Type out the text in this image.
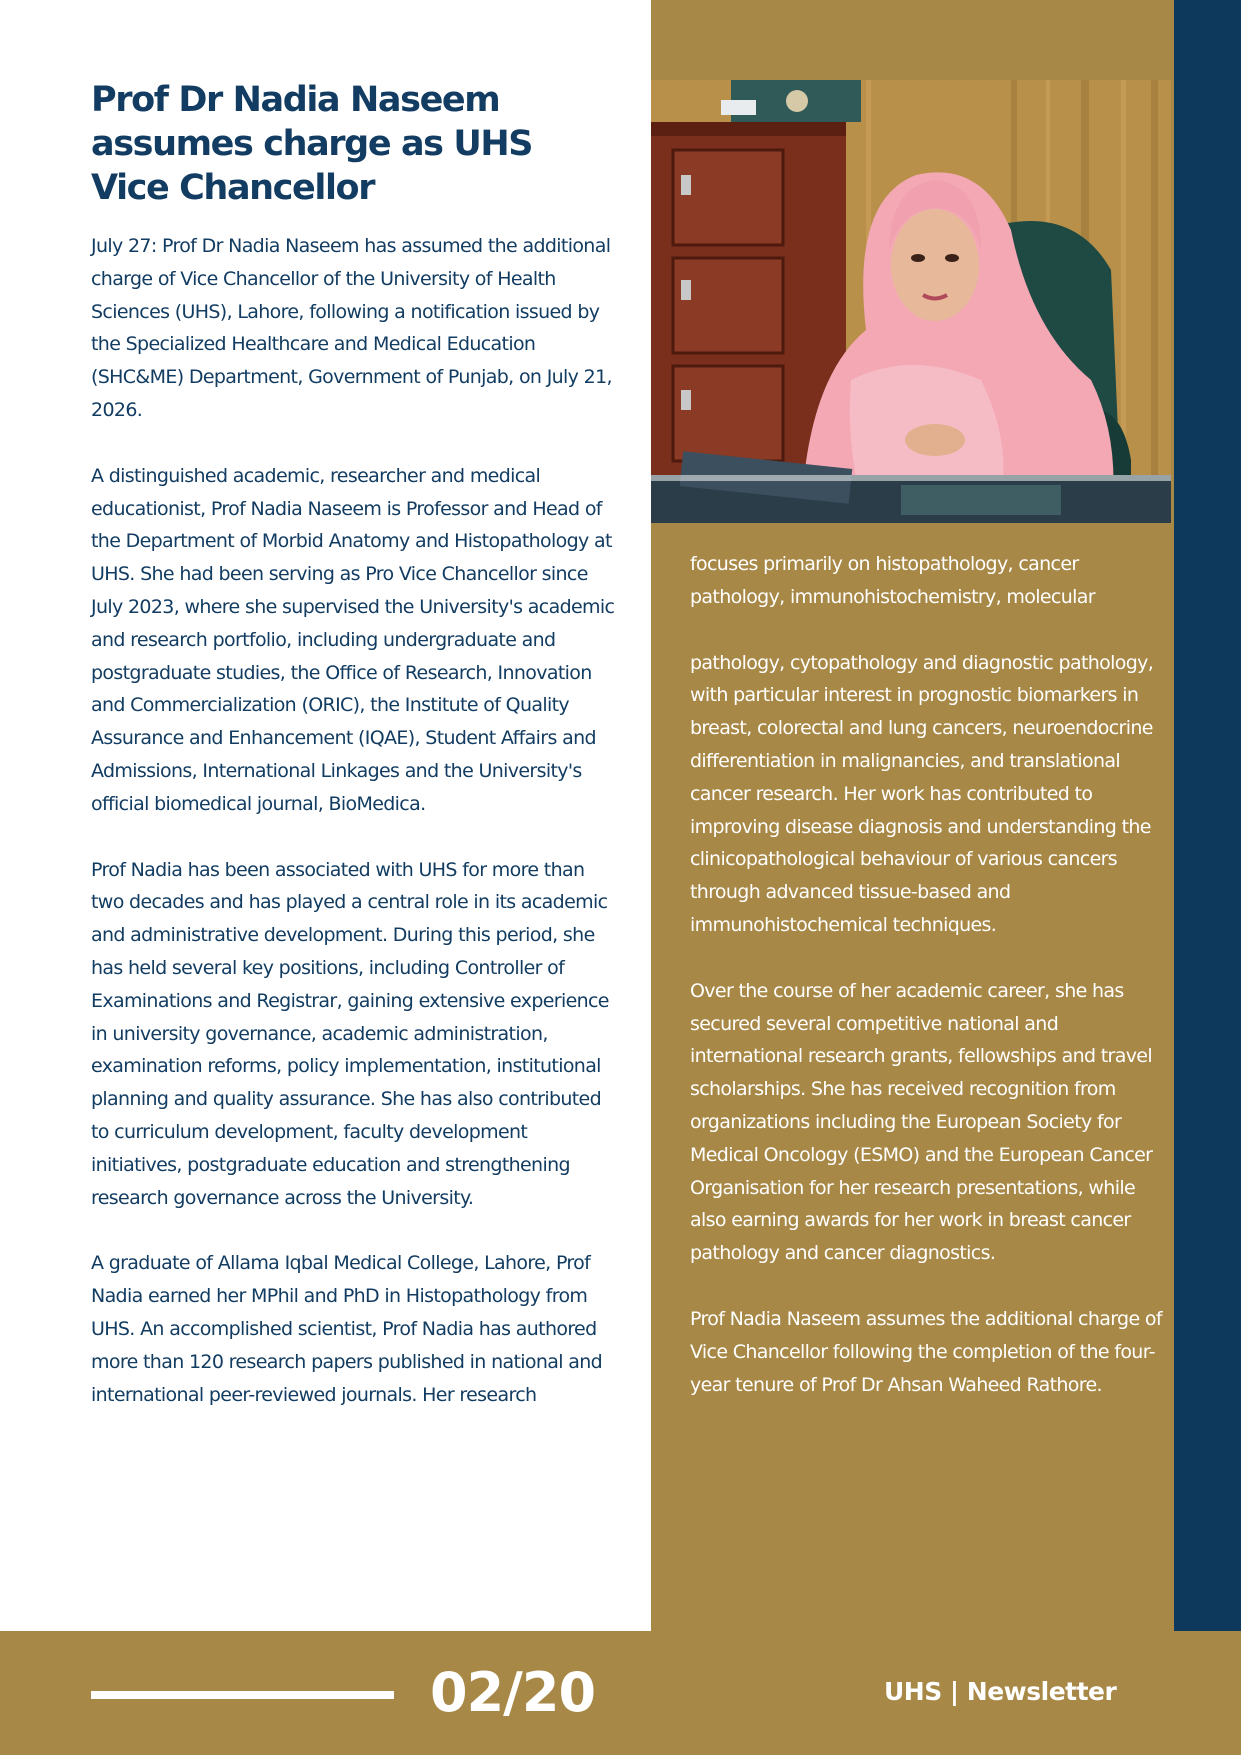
Prof Dr Nadia Naseem assumes charge as UHS Vice Chancellor

July 27: Prof Dr Nadia Naseem has assumed the additional charge of Vice Chancellor of the University of Health Sciences (UHS), Lahore, following a notification issued by the Specialized Healthcare and Medical Education (SHC&ME) Department, Government of Punjab, on July 21, 2026.

A distinguished academic, researcher and medical educationist, Prof Nadia Naseem is Professor and Head of the Department of Morbid Anatomy and Histopathology at UHS. She had been serving as Pro Vice Chancellor since July 2023, where she supervised the University's academic and research portfolio, including undergraduate and postgraduate studies, the Office of Research, Innovation and Commercialization (ORIC), the Institute of Quality Assurance and Enhancement (IQAE), Student Affairs and Admissions, International Linkages and the University's official biomedical journal, BioMedica.

Prof Nadia has been associated with UHS for more than two decades and has played a central role in its academic and administrative development. During this period, she has held several key positions, including Controller of Examinations and Registrar, gaining extensive experience in university governance, academic administration, examination reforms, policy implementation, institutional planning and quality assurance. She has also contributed to curriculum development, faculty development initiatives, postgraduate education and strengthening research governance across the University.

A graduate of Allama Iqbal Medical College, Lahore, Prof Nadia earned her MPhil and PhD in Histopathology from UHS. An accomplished scientist, Prof Nadia has authored more than 120 research papers published in national and international peer-reviewed journals. Her research

focuses primarily on histopathology, cancer pathology, immunohistochemistry, molecular

pathology, cytopathology and diagnostic pathology, with particular interest in prognostic biomarkers in breast, colorectal and lung cancers, neuroendocrine differentiation in malignancies, and translational cancer research. Her work has contributed to improving disease diagnosis and understanding the clinicopathological behaviour of various cancers through advanced tissue-based and immunohistochemical techniques.

Over the course of her academic career, she has secured several competitive national and international research grants, fellowships and travel scholarships. She has received recognition from organizations including the European Society for Medical Oncology (ESMO) and the European Cancer Organisation for her research presentations, while also earning awards for her work in breast cancer pathology and cancer diagnostics.

Prof Nadia Naseem assumes the additional charge of Vice Chancellor following the completion of the four-year tenure of Prof Dr Ahsan Waheed Rathore.

02/20	UHS | Newsletter
